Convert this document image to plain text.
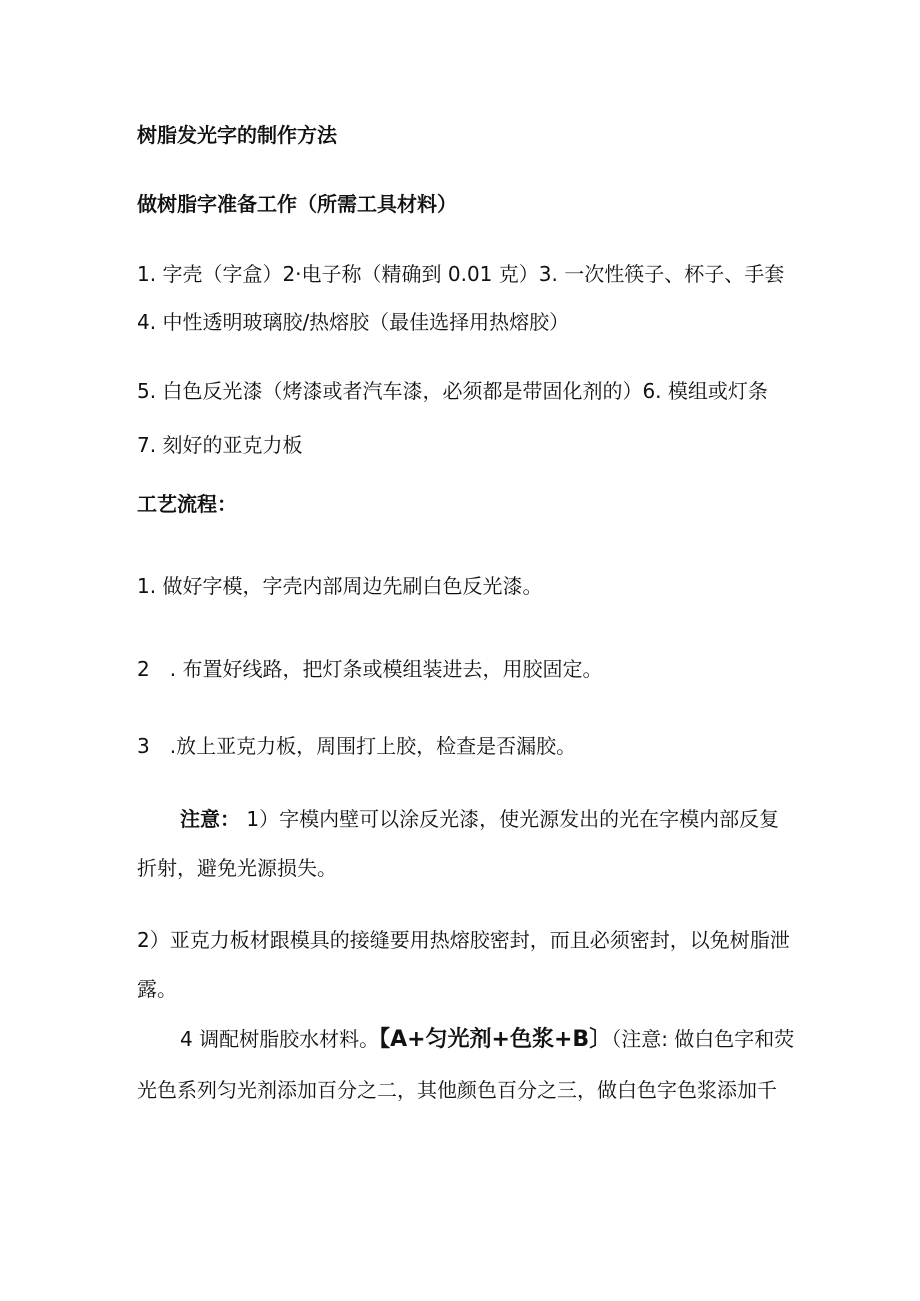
树脂发光字的制作方法
做树脂字准备工作（所需工具材料）
1. 字壳（字盒）2·电子称（精确到 0.01 克）3. 一次性筷子、杯子、手套
4. 中性透明玻璃胶/热熔胶（最佳选择用热熔胶）
5. 白色反光漆（烤漆或者汽车漆，必须都是带固化剂的）6. 模组或灯条
7. 刻好的亚克力板
工艺流程：
1. 做好字模，字壳内部周边先刷白色反光漆。
2　. 布置好线路，把灯条或模组装进去，用胶固定。
3　.放上亚克力板，周围打上胶，检查是否漏胶。
注意： 1）字模内壁可以涂反光漆，使光源发出的光在字模内部反复
折射，避免光源损失。
2）亚克力板材跟模具的接缝要用热熔胶密封，而且必须密封，以免树脂泄
露。
4 调配树脂胶水材料。【A+匀光剂+色浆+B〕（注意: 做白色字和荧
光色系列匀光剂添加百分之二，其他颜色百分之三，做白色字色浆添加千
